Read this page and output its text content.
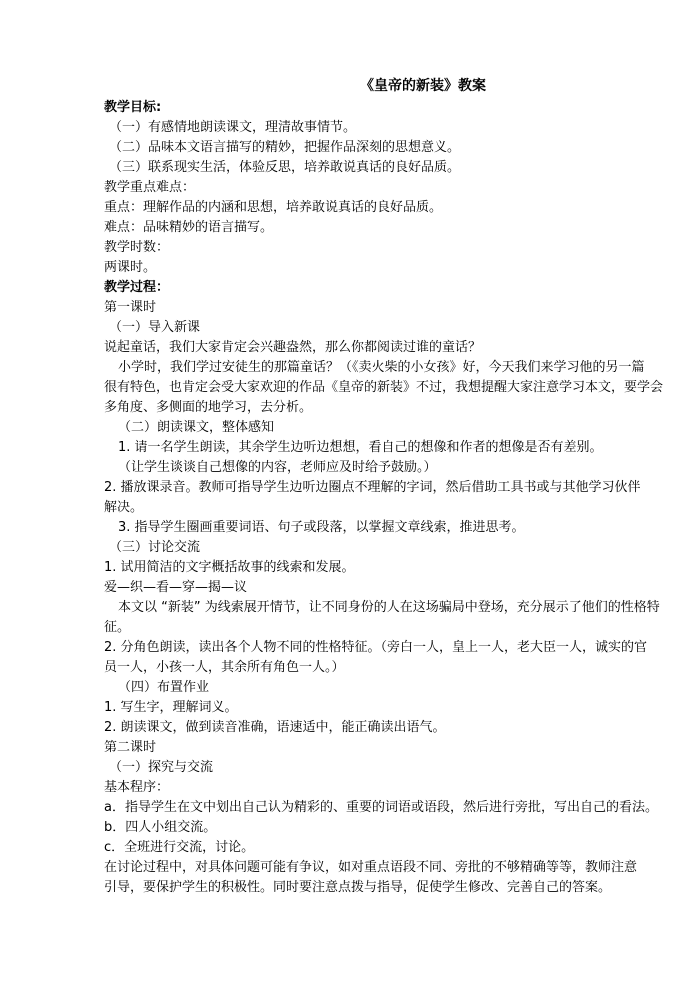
《皇帝的新装》教案
教学目标:
（一）有感情地朗读课文，理清故事情节。
（二）品味本文语言描写的精妙，把握作品深刻的思想意义。
（三）联系现实生活，体验反思，培养敢说真话的良好品质。
教学重点难点：
重点：理解作品的内涵和思想，培养敢说真话的良好品质。
难点：品味精妙的语言描写。
教学时数：
两课时。
教学过程：
第一课时
（一）导入新课
说起童话，我们大家肯定会兴趣盎然，那么你都阅读过谁的童话？
小学时，我们学过安徒生的那篇童话？（《卖火柴的小女孩》好，今天我们来学习他的另一篇
很有特色，也肯定会受大家欢迎的作品《皇帝的新装》不过，我想提醒大家注意学习本文，要学会
多角度、多侧面的地学习，去分析。
（二）朗读课文，整体感知
1. 请一名学生朗读，其余学生边听边想想，看自己的想像和作者的想像是否有差别。
（让学生谈谈自己想像的内容，老师应及时给予鼓励。）
2. 播放课录音。教师可指导学生边听边圈点不理解的字词，然后借助工具书或与其他学习伙伴
解决。
3. 指导学生圈画重要词语、句子或段落，以掌握文章线索，推进思考。
（三）讨论交流
1. 试用简洁的文字概括故事的线索和发展。
爱—织—看—穿—揭—议
本文以 “新装” 为线索展开情节，让不同身份的人在这场骗局中登场，充分展示了他们的性格特
征。
2. 分角色朗读，读出各个人物不同的性格特征。（旁白一人，皇上一人，老大臣一人，诚实的官
员一人，小孩一人，其余所有角色一人。）
（四）布置作业
1. 写生字，理解词义。
2. 朗读课文，做到读音准确，语速适中，能正确读出语气。
第二课时
（一）探究与交流
基本程序：
a．指导学生在文中划出自己认为精彩的、重要的词语或语段，然后进行旁批，写出自己的看法。
b．四人小组交流。
c．全班进行交流，讨论。
在讨论过程中，对具体问题可能有争议，如对重点语段不同、旁批的不够精确等等，教师注意
引导，要保护学生的积极性。同时要注意点拨与指导，促使学生修改、完善自己的答案。
